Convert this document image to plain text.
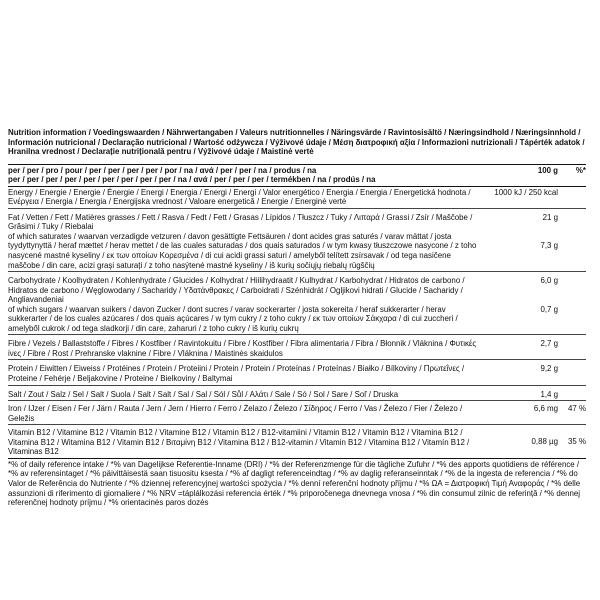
Nutrition information / Voedingswaarden / Nährwertangaben / Valeurs nutritionnelles / Näringsvärde / Ravintosisältö / Næringsindhold / Næringsinnhold / Información nutricional / Declaração nutricional / Wartość odżywcza / Výživové údaje / Μέση διατροφική αξία / Informazioni nutrizionali / Tápérték adatok / Hranilna vrednost / Declarație nutrițională pentru / Výživové údaje / Maistinė vertė
per / per / pro / pour / per / per / per / per / por / na / ανά / per / per / na / produs / na
per / per / per / per / per / per / per / per / per / na / ανά / per / per / per / termékben / na / prodús / na
100 g	%*
Energy / Energie / Energie / Énergie / Energi / Energia / Energi / Energi / Valor energético / Energia / Energia / Energetická hodnota / Ενέργεια / Energia / Energia / Energijska vrednost / Valoare energetică / Energie / Energinė vertė
1000 kJ / 250 kcal
Fat / Vetten / Fett / Matières grasses / Fett / Rasva / Fedt / Fett / Grasas / Lípidos / Tłuszcz / Tuky / Λιπαρά / Grassi / Zsír / Maščobe / Grăsimi / Tuky / Riebalai
21 g
of which saturates / waarvan verzadigde vetzuren / davon gesättigte Fettsäuren / dont acides gras saturés / varav mättat / josta tyydyttynyttä / heraf mættet / herav mettet / de las cuales saturadas / dos quais saturados / w tym kwasy tłuszczowe nasycone / z toho nasycené mastné kyseliny / εκ των οποίων Κορεσμένα / di cui acidi grassi saturi / amelyből telített zsírsavak / od tega nasičene maščobe / din care, acizi grași saturați / z toho nasýtené mastné kyseliny / iš kurių sočiųjų riebalų rūgščių
7,3 g
Carbohydrate / Koolhydraten / Kohlenhydrate / Glucides / Kolhydrat / Hiilihydraatit / Kulhydrat / Karbohydrat / Hidratos de carbono / Hidratos de carbono / Węglowodany / Sacharidy / Υδατάνθρακες / Carboidrati / Szénhidrát / Ogljikovi hidrati / Glucide / Sacharidy / Angliavandeniai
6,0 g
of which sugars / waarvan suikers / davon Zucker / dont sucres / varav sockerarter / josta sokereita / heraf sukkerarter / herav sukkerarter / de los cuales azúcares / dos quais açúcares / w tym cukry / z toho cukry / εκ των οποίων Σάκχαρα / di cui zuccheri / amelyből cukrok / od tega sladkorji / din care, zaharuri / z toho cukry / iš kurių cukrų
0,7 g
Fibre / Vezels / Ballaststoffe / Fibres / Kostfiber / Ravintokuitu / Fibre / Kostfiber / Fibra alimentaria / Fibra / Błonnik / Vláknina / Φυτικές ίνες / Fibre / Rost / Prehranske vlaknine / Fibre / Vláknina / Maistinės skaidulos
2,7 g
Protein / Eiwitten / Eiweiss / Protéines / Protein / Proteiini / Protein / Protein / Proteínas / Proteínas / Białko / Bílkoviny / Πρωτεΐνες / Proteine / Fehérje / Beljakovine / Proteine / Bielkoviny / Baltymai
9,2 g
Salt / Zout / Salz / Sel / Salt / Suola / Salt / Salt / Sal / Sal / Sól / Sůl / Αλάτι / Sale / Só / Sol / Sare / Soľ / Druska	1,4 g
Iron / IJzer / Eisen / Fer / Järn / Rauta / Jern / Jern / Hierro / Ferro / Żelazo / Železo / Σίδηρος / Ferro / Vas / Železo / Fier / Železo / Geležis
6,6 mg	47 %
Vitamin B12 / Vitamine B12 / Vitamin B12 / Vitamine B12 / Vitamin B12 / B12-vitamiini / Vitamin B12 / Vitamin B12 / Vitamina B12 / Vitamina B12 / Witamina B12 / Vitamin B12 / Βιταμίνη B12 / Vitamina B12 / B12-vitamin / Vitamin B12 / Vitamina B12 / Vitamín B12 / Vitaminas B12
0,88 µg	35 %
*% of daily reference intake / *% van Dagelijkse Referentie-Inname (DRI) / *% der Referenzmenge für die tägliche Zufuhr / *% des apports quotidiens de référence / *% av referensintaget / *% päivittäisestä saan tisuositu ksesta / *% af dagligt referenceindtag / *% av daglig referanseinntak / *% de la ingesta de referencia / *% do Valor de Referência do Nutriente / *% dziennej referencyjnej wartości spożycia / *% denní referenční hodnoty příjmu / *% ΩΑ = Διατροφική Τιμή Αναφοράς / *% delle assunzioni di riferimento di giornaliere / *% NRV =táplálkozási referencia érték / *% priporočenega dnevnega vnosa / *% din consumul zilnic de referință / *% dennej referenčnej hodnoty príjmu / *% orientacinės paros dozės
